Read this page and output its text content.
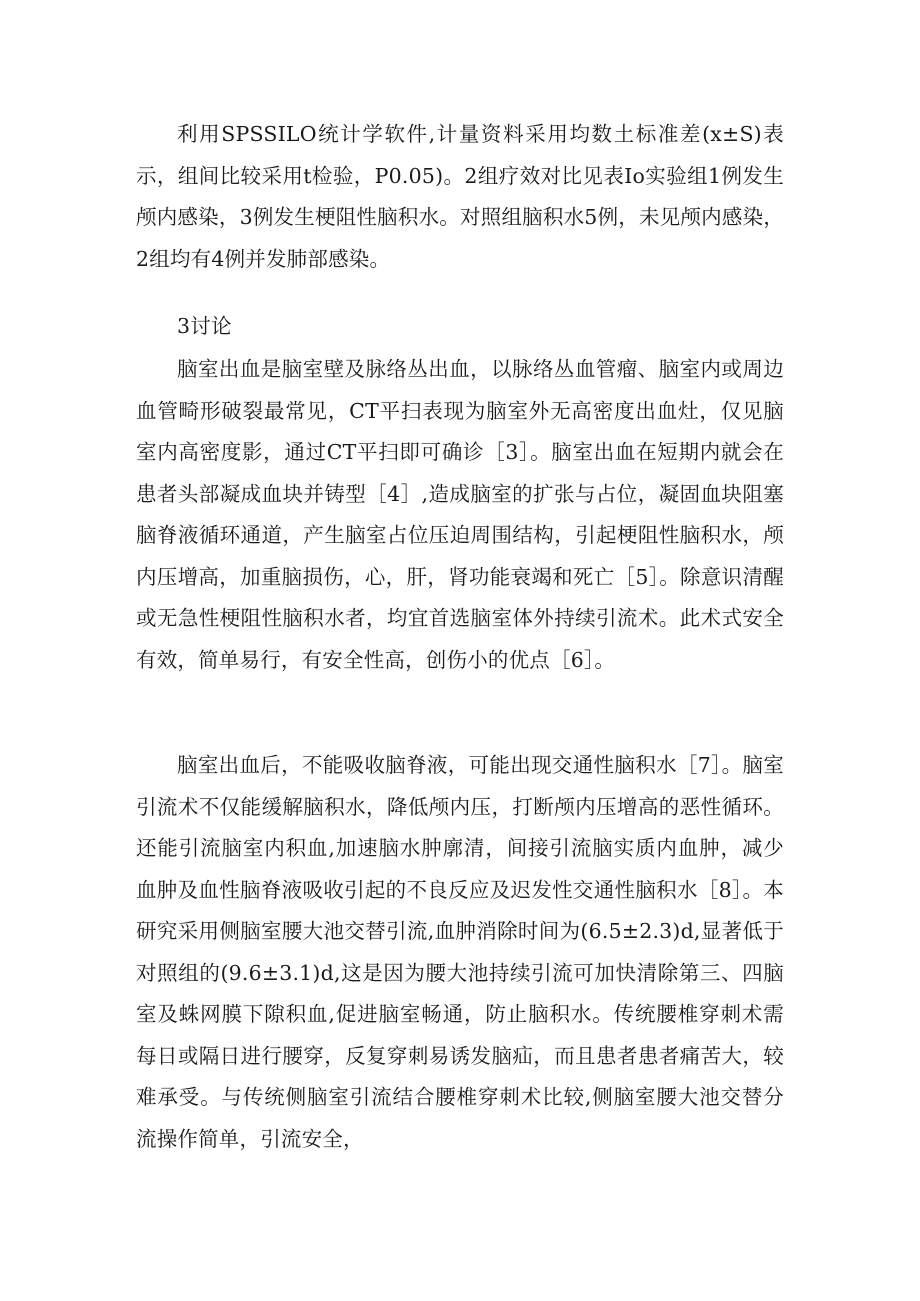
利用SPSSILO统计学软件,计量资料采用均数土标准差(x±S)表示，组间比较采用t检验，P0.05)。2组疗效对比见表Io实验组1例发生颅内感染，3例发生梗阻性脑积水。对照组脑积水5例，未见颅内感染，2组均有4例并发肺部感染。

3讨论

脑室出血是脑室壁及脉络丛出血，以脉络丛血管瘤、脑室内或周边血管畸形破裂最常见，CT平扫表现为脑室外无高密度出血灶，仅见脑室内高密度影，通过CT平扫即可确诊［3］。脑室出血在短期内就会在患者头部凝成血块并铸型［4］,造成脑室的扩张与占位，凝固血块阻塞脑脊液循环通道，产生脑室占位压迫周围结构，引起梗阻性脑积水，颅内压增高，加重脑损伤，心，肝，肾功能衰竭和死亡［5］。除意识清醒或无急性梗阻性脑积水者，均宜首选脑室体外持续引流术。此术式安全有效，简单易行，有安全性高，创伤小的优点［6］。

脑室出血后，不能吸收脑脊液，可能出现交通性脑积水［7］。脑室引流术不仅能缓解脑积水，降低颅内压，打断颅内压增高的恶性循环。还能引流脑室内积血,加速脑水肿廓清，间接引流脑实质内血肿，减少血肿及血性脑脊液吸收引起的不良反应及迟发性交通性脑积水［8］。本研究采用侧脑室腰大池交替引流,血肿消除时间为(6.5±2.3)d,显著低于对照组的(9.6±3.1)d,这是因为腰大池持续引流可加快清除第三、四脑室及蛛网膜下隙积血,促进脑室畅通，防止脑积水。传统腰椎穿刺术需每日或隔日进行腰穿，反复穿刺易诱发脑疝，而且患者患者痛苦大，较难承受。与传统侧脑室引流结合腰椎穿刺术比较,侧脑室腰大池交替分流操作简单，引流安全，
